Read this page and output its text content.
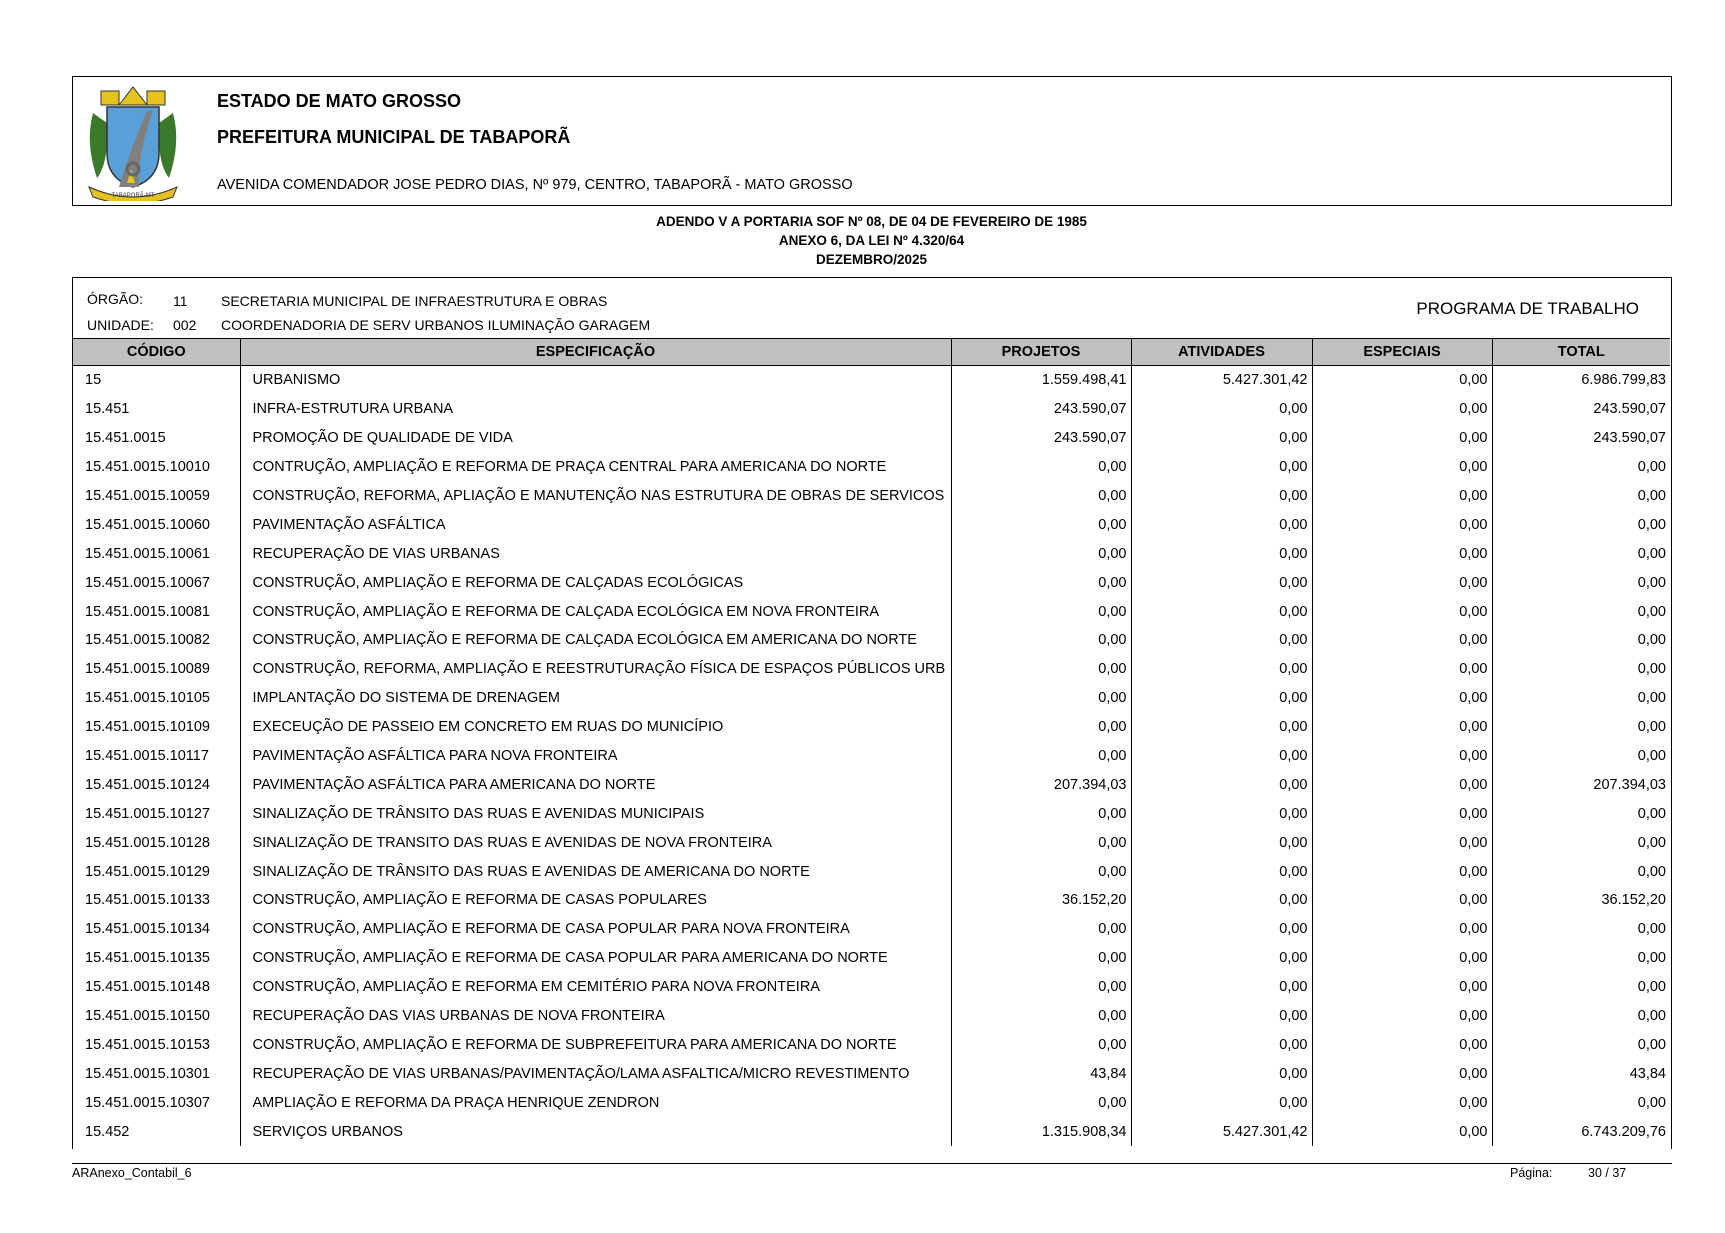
TABAPORÃ-MT
ESTADO DE MATO GROSSO
PREFEITURA MUNICIPAL DE TABAPORÃ
AVENIDA COMENDADOR JOSE PEDRO DIAS, Nº 979, CENTRO, TABAPORÃ - MATO GROSSO
ADENDO V A PORTARIA SOF Nº 08, DE 04 DE FEVEREIRO DE 1985
ANEXO 6, DA LEI Nº 4.320/64
DEZEMBRO/2025
ÓRGÃO: 11 SECRETARIA MUNICIPAL DE INFRAESTRUTURA E OBRAS
UNIDADE: 002 COORDENADORIA DE SERV URBANOS ILUMINAÇÃO GARAGEM
PROGRAMA DE TRABALHO
CÓDIGO	ESPECIFICAÇÃO	PROJETOS	ATIVIDADES	ESPECIAIS	TOTAL
15	URBANISMO	1.559.498,41	5.427.301,42	0,00	6.986.799,83
15.451	INFRA-ESTRUTURA URBANA	243.590,07	0,00	0,00	243.590,07
15.451.0015	PROMOÇÃO DE QUALIDADE DE VIDA	243.590,07	0,00	0,00	243.590,07
15.451.0015.10010	CONTRUÇÃO, AMPLIAÇÃO E REFORMA DE PRAÇA CENTRAL PARA AMERICANA DO NORTE	0,00	0,00	0,00	0,00
15.451.0015.10059	CONSTRUÇÃO, REFORMA, APLIAÇÃO E MANUTENÇÃO NAS ESTRUTURA DE OBRAS DE SERVICOS	0,00	0,00	0,00	0,00
15.451.0015.10060	PAVIMENTAÇÃO ASFÁLTICA	0,00	0,00	0,00	0,00
15.451.0015.10061	RECUPERAÇÃO DE VIAS URBANAS	0,00	0,00	0,00	0,00
15.451.0015.10067	CONSTRUÇÃO, AMPLIAÇÃO E REFORMA DE CALÇADAS ECOLÓGICAS	0,00	0,00	0,00	0,00
15.451.0015.10081	CONSTRUÇÃO, AMPLIAÇÃO E REFORMA DE CALÇADA ECOLÓGICA EM NOVA FRONTEIRA	0,00	0,00	0,00	0,00
15.451.0015.10082	CONSTRUÇÃO, AMPLIAÇÃO E REFORMA DE CALÇADA ECOLÓGICA EM AMERICANA DO NORTE	0,00	0,00	0,00	0,00
15.451.0015.10089	CONSTRUÇÃO, REFORMA, AMPLIAÇÃO E REESTRUTURAÇÃO FÍSICA DE ESPAÇOS PÚBLICOS URB	0,00	0,00	0,00	0,00
15.451.0015.10105	IMPLANTAÇÃO DO SISTEMA DE DRENAGEM	0,00	0,00	0,00	0,00
15.451.0015.10109	EXECEUÇÃO DE PASSEIO EM CONCRETO EM RUAS DO MUNICÍPIO	0,00	0,00	0,00	0,00
15.451.0015.10117	PAVIMENTAÇÃO ASFÁLTICA PARA NOVA FRONTEIRA	0,00	0,00	0,00	0,00
15.451.0015.10124	PAVIMENTAÇÃO ASFÁLTICA PARA AMERICANA DO NORTE	207.394,03	0,00	0,00	207.394,03
15.451.0015.10127	SINALIZAÇÃO DE TRÂNSITO DAS RUAS E AVENIDAS MUNICIPAIS	0,00	0,00	0,00	0,00
15.451.0015.10128	SINALIZAÇÃO DE TRANSITO DAS RUAS E AVENIDAS DE NOVA FRONTEIRA	0,00	0,00	0,00	0,00
15.451.0015.10129	SINALIZAÇÃO DE TRÂNSITO DAS RUAS E AVENIDAS DE AMERICANA DO NORTE	0,00	0,00	0,00	0,00
15.451.0015.10133	CONSTRUÇÃO, AMPLIAÇÃO E REFORMA DE CASAS POPULARES	36.152,20	0,00	0,00	36.152,20
15.451.0015.10134	CONSTRUÇÃO, AMPLIAÇÃO E REFORMA DE CASA POPULAR PARA NOVA FRONTEIRA	0,00	0,00	0,00	0,00
15.451.0015.10135	CONSTRUÇÃO, AMPLIAÇÃO E REFORMA DE CASA POPULAR PARA AMERICANA DO NORTE	0,00	0,00	0,00	0,00
15.451.0015.10148	CONSTRUÇÃO, AMPLIAÇÃO E REFORMA EM CEMITÉRIO PARA NOVA FRONTEIRA	0,00	0,00	0,00	0,00
15.451.0015.10150	RECUPERAÇÃO DAS VIAS URBANAS DE NOVA FRONTEIRA	0,00	0,00	0,00	0,00
15.451.0015.10153	CONSTRUÇÃO, AMPLIAÇÃO E REFORMA DE SUBPREFEITURA PARA AMERICANA DO NORTE	0,00	0,00	0,00	0,00
15.451.0015.10301	RECUPERAÇÃO DE VIAS URBANAS/PAVIMENTAÇÃO/LAMA ASFALTICA/MICRO REVESTIMENTO	43,84	0,00	0,00	43,84
15.451.0015.10307	AMPLIAÇÃO E REFORMA DA PRAÇA HENRIQUE ZENDRON	0,00	0,00	0,00	0,00
15.452	SERVIÇOS URBANOS	1.315.908,34	5.427.301,42	0,00	6.743.209,76
ARAnexo_Contabil_6	Página:	30 / 37
